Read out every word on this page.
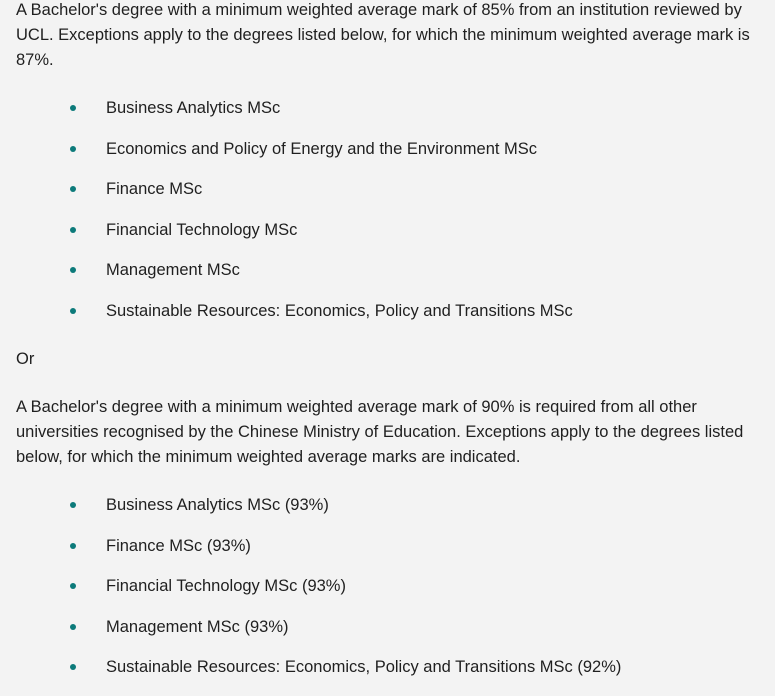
A Bachelor's degree with a minimum weighted average mark of 85% from an institution reviewed by UCL. Exceptions apply to the degrees listed below, for which the minimum weighted average mark is 87%.

Business Analytics MSc
Economics and Policy of Energy and the Environment MSc
Finance MSc
Financial Technology MSc
Management MSc
Sustainable Resources: Economics, Policy and Transitions MSc

Or

A Bachelor's degree with a minimum weighted average mark of 90% is required from all other universities recognised by the Chinese Ministry of Education. Exceptions apply to the degrees listed below, for which the minimum weighted average marks are indicated.

Business Analytics MSc (93%)
Finance MSc (93%)
Financial Technology MSc (93%)
Management MSc (93%)
Sustainable Resources: Economics, Policy and Transitions MSc (92%)
